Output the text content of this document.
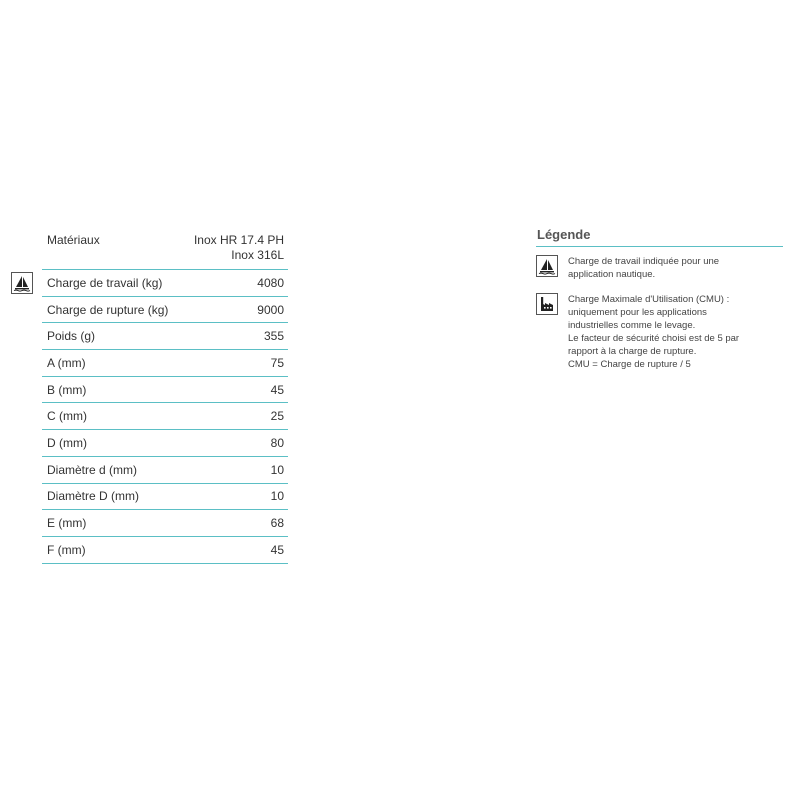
Matériaux	Inox HR 17.4 PH
Inox 316L
Charge de travail (kg)	4080
Charge de rupture (kg)	9000
Poids (g)	355
A (mm)	75
B (mm)	45
C (mm)	25
D (mm)	80
Diamètre d (mm)	10
Diamètre D (mm)	10
E (mm)	68
F (mm)	45
Légende
Charge de travail indiquée pour une
application nautique.
Charge Maximale d'Utilisation (CMU) :
uniquement pour les applications
industrielles comme le levage.
Le facteur de sécurité choisi est de 5 par
rapport à la charge de rupture.
CMU = Charge de rupture / 5
